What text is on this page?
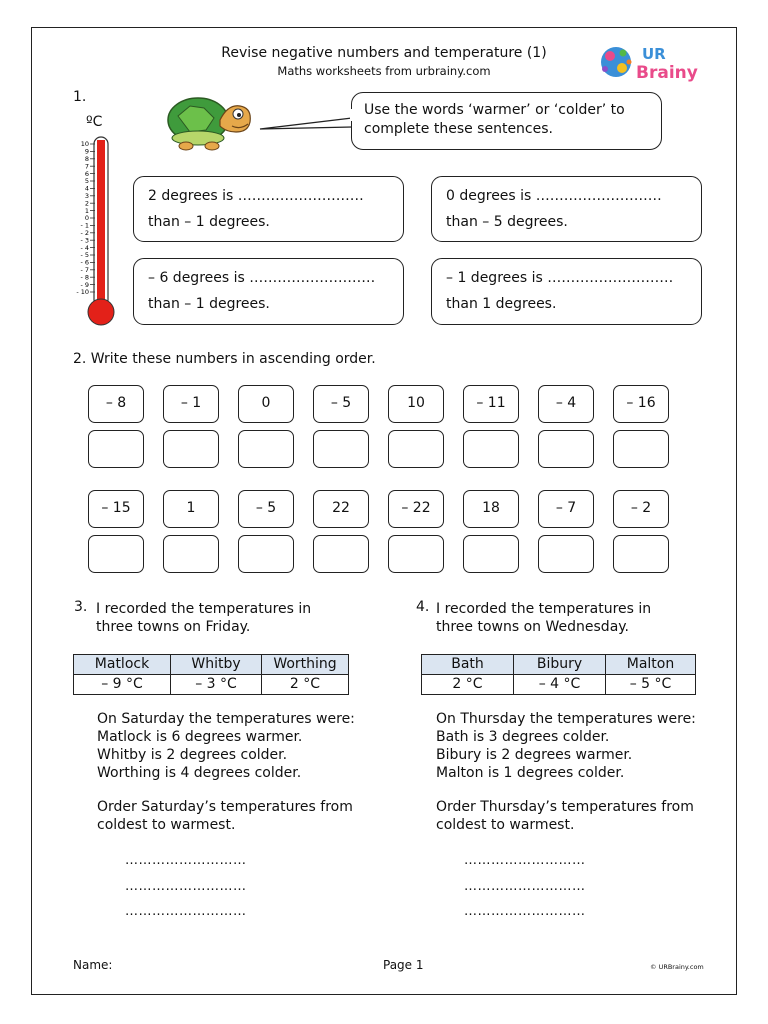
Revise negative numbers and temperature (1)
Maths worksheets from urbrainy.com
UR
Brainy
1.
ºC
10
9
8
7
6
5
4
3
2
1
0
- 1
- 2
- 3
- 4
- 5
- 6
- 7
- 8
- 9
- 10
Use the words ‘warmer’ or ‘colder’ to complete these sentences.
2 degrees is ………………………
than – 1 degrees.
0 degrees is ………………………
than – 5 degrees.
– 6 degrees is ………………………
than – 1 degrees.
– 1 degrees is ………………………
than 1 degrees.
2. Write these numbers in ascending order.
– 8	– 1	0	– 5	10	– 11	– 4	– 16
– 15	1	– 5	22	– 22	18	– 7	– 2
3. I recorded the temperatures in
three towns on Friday.
Matlock	Whitby	Worthing
– 9 °C	– 3 °C	2 °C
On Saturday the temperatures were:
Matlock is 6 degrees warmer.
Whitby is 2 degrees colder.
Worthing is 4 degrees colder.
Order Saturday’s temperatures from
coldest to warmest.
………………………
………………………
………………………
4. I recorded the temperatures in
three towns on Wednesday.
Bath	Bibury	Malton
2 °C	– 4 °C	– 5 °C
On Thursday the temperatures were:
Bath is 3 degrees colder.
Bibury is 2 degrees warmer.
Malton is 1 degrees colder.
Order Thursday’s temperatures from
coldest to warmest.
………………………
………………………
………………………
Name:	Page 1	© URBrainy.com
